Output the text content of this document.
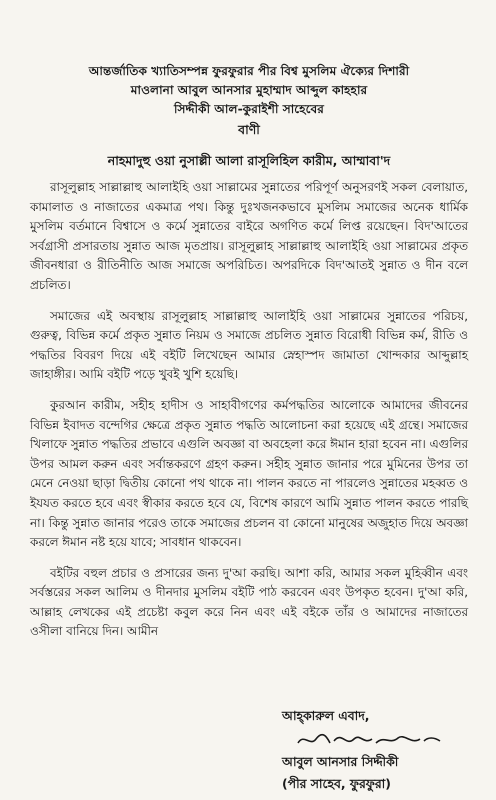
আন্তর্জাতিক খ্যাতিসম্পন্ন ফুরফুরার পীর বিশ্ব মুসলিম ঐক্যের দিশারী

মাওলানা আবুল আনসার মুহাম্মাদ আব্দুল কাহহার

সিদ্দীকী আল-কুরাইশী সাহেবের

বাণী

নাহমাদুহু ওয়া নুসাল্লী আলা রাসূলিহিল কারীম, আম্মাবা'দ

রাসূলুল্লাহ সাল্লাল্লাহু আলাইহি ওয়া সাল্লামের সুন্নাতের পরিপূর্ণ অনুসরণই সকল বেলায়াত, কামালাত ও নাজাতের একমাত্র পথ। কিন্তু দুঃখজনকভাবে মুসলিম সমাজের অনেক ধার্মিক মুসলিম বর্তমানে বিশ্বাসে ও কর্মে সুন্নাতের বাইরে অগণিত কর্মে লিপ্ত রয়েছেন। বিদ'আতের সর্বগ্রাসী প্রসারতায় সুন্নাত আজ মৃতপ্রায়। রাসূলুল্লাহ সাল্লাল্লাহু আলাইহি ওয়া সাল্লামের প্রকৃত জীবনধারা ও রীতিনীতি আজ সমাজে অপরিচিত। অপরদিকে বিদ'আতই সুন্নাত ও দীন বলে প্রচলিত।

সমাজের এই অবস্থায় রাসূলুল্লাহ সাল্লাল্লাহু আলাইহি ওয়া সাল্লামের সুন্নাতের পরিচয়, গুরুত্ব, বিভিন্ন কর্মে প্রকৃত সুন্নাত নিয়ম ও সমাজে প্রচলিত সুন্নাত বিরোধী বিভিন্ন কর্ম, রীতি ও পদ্ধতির বিবরণ দিয়ে এই বইটি লিখেছেন আমার স্নেহাস্পদ জামাতা খোন্দকার আব্দুল্লাহ জাহাঙ্গীর। আমি বইটি পড়ে খুবই খুশি হয়েছি।

কুরআন কারীম, সহীহ হাদীস ও সাহাবীগণের কর্মপদ্ধতির আলোকে আমাদের জীবনের বিভিন্ন ইবাদত বন্দেগির ক্ষেত্রে প্রকৃত সুন্নাত পদ্ধতি আলোচনা করা হয়েছে এই গ্রন্থে। সমাজের খিলাফে সুন্নাত পদ্ধতির প্রভাবে এগুলি অবজ্ঞা বা অবহেলা করে ঈমান হারা হবেন না। এগুলির উপর আমল করুন এবং সর্বান্তকরণে গ্রহণ করুন। সহীহ সুন্নাত জানার পরে মুমিনের উপর তা মেনে নেওয়া ছাড়া দ্বিতীয় কোনো পথ থাকে না। পালন করতে না পারলেও সুন্নাতের মহব্বত ও ইযযত করতে হবে এবং স্বীকার করতে হবে যে, বিশেষ কারণে আমি সুন্নাত পালন করতে পারছি না। কিন্তু সুন্নাত জানার পরেও তাকে সমাজের প্রচলন বা কোনো মানুষের অজুহাত দিয়ে অবজ্ঞা করলে ঈমান নষ্ট হয়ে যাবে; সাবধান থাকবেন।

বইটির বহুল প্রচার ও প্রসারের জন্য দু'আ করছি। আশা করি, আমার সকল মুহিব্বীন এবং সর্বস্তরের সকল আলিম ও দীনদার মুসলিম বইটি পাঠ করবেন এবং উপকৃত হবেন। দু'আ করি, আল্লাহ লেখকের এই প্রচেষ্টা কবুল করে নিন এবং এই বইকে তাঁর ও আমাদের নাজাতের ওসীলা বানিয়ে দিন। আমীন

আহ্কারুল এবাদ,
আবুল আনসার সিদ্দীকী
(পীর সাহেব, ফুরফুরা)
